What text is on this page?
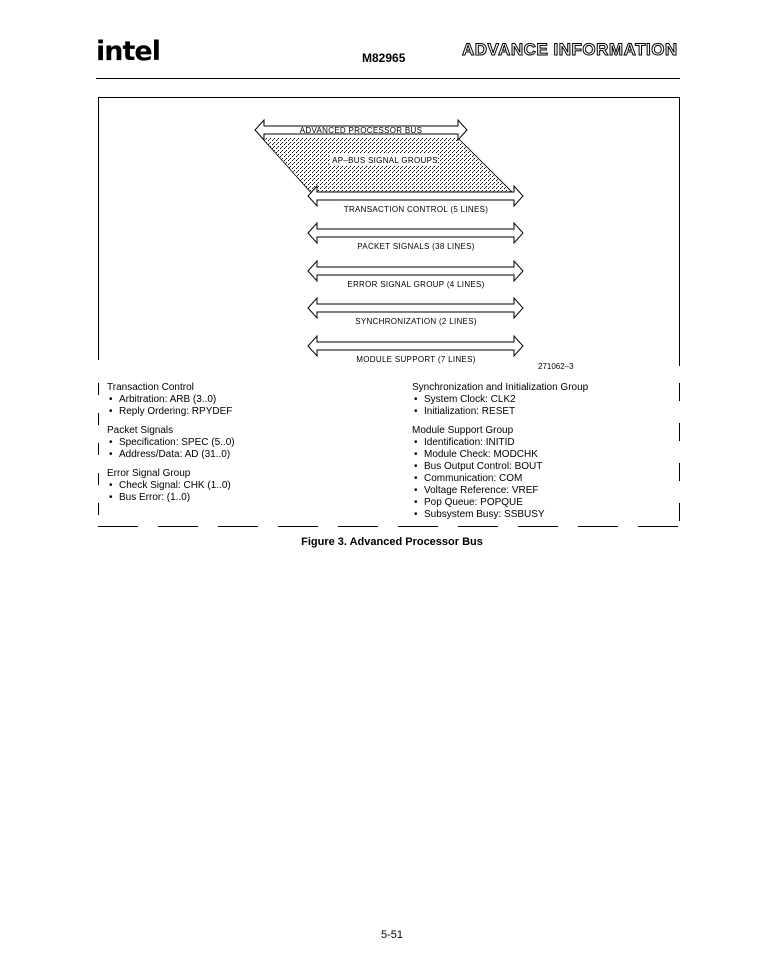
intel	M82965	ADVANCE INFORMATION
ADVANCED PROCESSOR BUS
AP–BUS SIGNAL GROUPS
TRANSACTION CONTROL (5 LINES)
PACKET SIGNALS (38 LINES)
ERROR SIGNAL GROUP (4 LINES)
SYNCHRONIZATION (2 LINES)
MODULE SUPPORT (7 LINES)
271062–3

Transaction Control

• Arbitration: ARB (3..0)
• Reply Ordering: RPYDEF

Packet Signals

• Specification: SPEC (5..0)
• Address/Data: AD (31..0)

Error Signal Group

• Check Signal: CHK (1..0)
• Bus Error: (1..0)

Synchronization and Initialization Group

• System Clock: CLK2
• Initialization: RESET

Module Support Group

• Identification: INITID
• Module Check: MODCHK
• Bus Output Control: BOUT
• Communication: COM
• Voltage Reference: VREF
• Pop Queue: POPQUE
• Subsystem Busy: SSBUSY
Figure 3. Advanced Processor Bus
5-51
